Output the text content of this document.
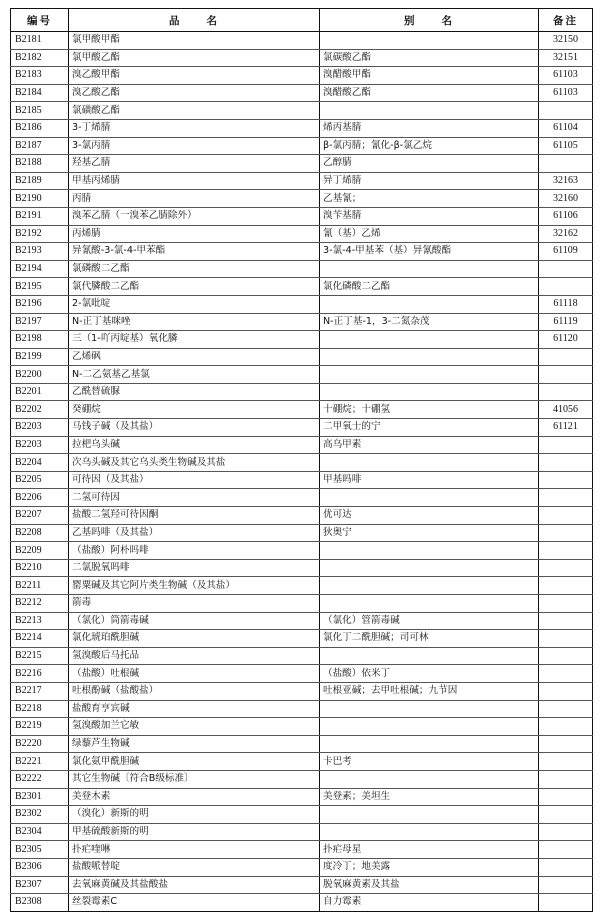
编号	品　　名	别　　名	备注
B2181	氯甲酸甲酯		32150
B2182	氯甲酸乙酯	氯碳酸乙酯	32151
B2183	溴乙酸甲酯	溴醋酸甲酯	61103
B2184	溴乙酸乙酯	溴醋酸乙酯	61103
B2185	氯磺酸乙酯		
B2186	3-丁烯腈	烯丙基腈	61104
B2187	3-氯丙腈	β-氯丙腈；氰化-β-氯乙烷	61105
B2188	羟基乙腈	乙醇腈	
B2189	甲基丙烯腈	异丁烯腈	32163
B2190	丙腈	乙基氰；	32160
B2191	溴苯乙腈（一溴苯乙腈除外）	溴苄基腈	61106
B2192	丙烯腈	氰（基）乙烯	32162
B2193	异氰酸-3-氯-4-甲苯酯	3-氯-4-甲基苯（基）异氰酸酯	61109
B2194	氯磷酸二乙酯		
B2195	氯代膦酸二乙酯	氯化磷酸二乙酯	
B2196	2-氯吡啶		61118
B2197	N-正丁基咪唑	N-正丁基-1，3-二氮杂茂	61119
B2198	三（1-吖丙啶基）氧化膦		61120
B2199	乙烯砜		
B2200	N-二乙氨基乙基氯		
B2201	乙酰替硫脲		
B2202	癸硼烷	十硼烷；十硼氢	41056
B2203	马钱子碱（及其盐）	二甲氧士的宁	61121
B2203	拉杷乌头碱	高乌甲素	
B2204	次乌头碱及其它乌头类生物碱及其盐		
B2205	可待因（及其盐）	甲基吗啡	
B2206	二氢可待因		
B2207	盐酸二氢羟可待因酮	优可达	
B2208	乙基吗啡（及其盐）	狄奥宁	
B2209	（盐酸）阿朴吗啡		
B2210	二氯脱氧吗啡		
B2211	罂粟碱及其它阿片类生物碱（及其盐）		
B2212	箭毒		
B2213	（氯化）筒箭毒碱	（氯化）管箭毒碱	
B2214	氯化琥珀酰胆碱	氯化丁二酰胆碱；司可林	
B2215	氢溴酸后马托品		
B2216	（盐酸）吐根碱	（盐酸）依米丁	
B2217	吐根酚碱（盐酸盐）	吐根亚碱；去甲吐根碱；九节因	
B2218	盐酸育亨宾碱		
B2219	氢溴酸加兰它敏		
B2220	绿藜芦生物碱		
B2221	氯化氨甲酰胆碱	卡巴考	
B2222	其它生物碱〔符合B级标准〕		
B2301	美登木素	美登素；美坦生	
B2302	（溴化）新斯的明		
B2304	甲基硫酸新斯的明		
B2305	扑疟喹啉	扑疟母星	
B2306	盐酸哌替啶	度冷丁；地美露	
B2307	去氧麻黄碱及其盐酸盐	脱氧麻黄素及其盐	
B2308	丝裂霉素C	自力霉素	
